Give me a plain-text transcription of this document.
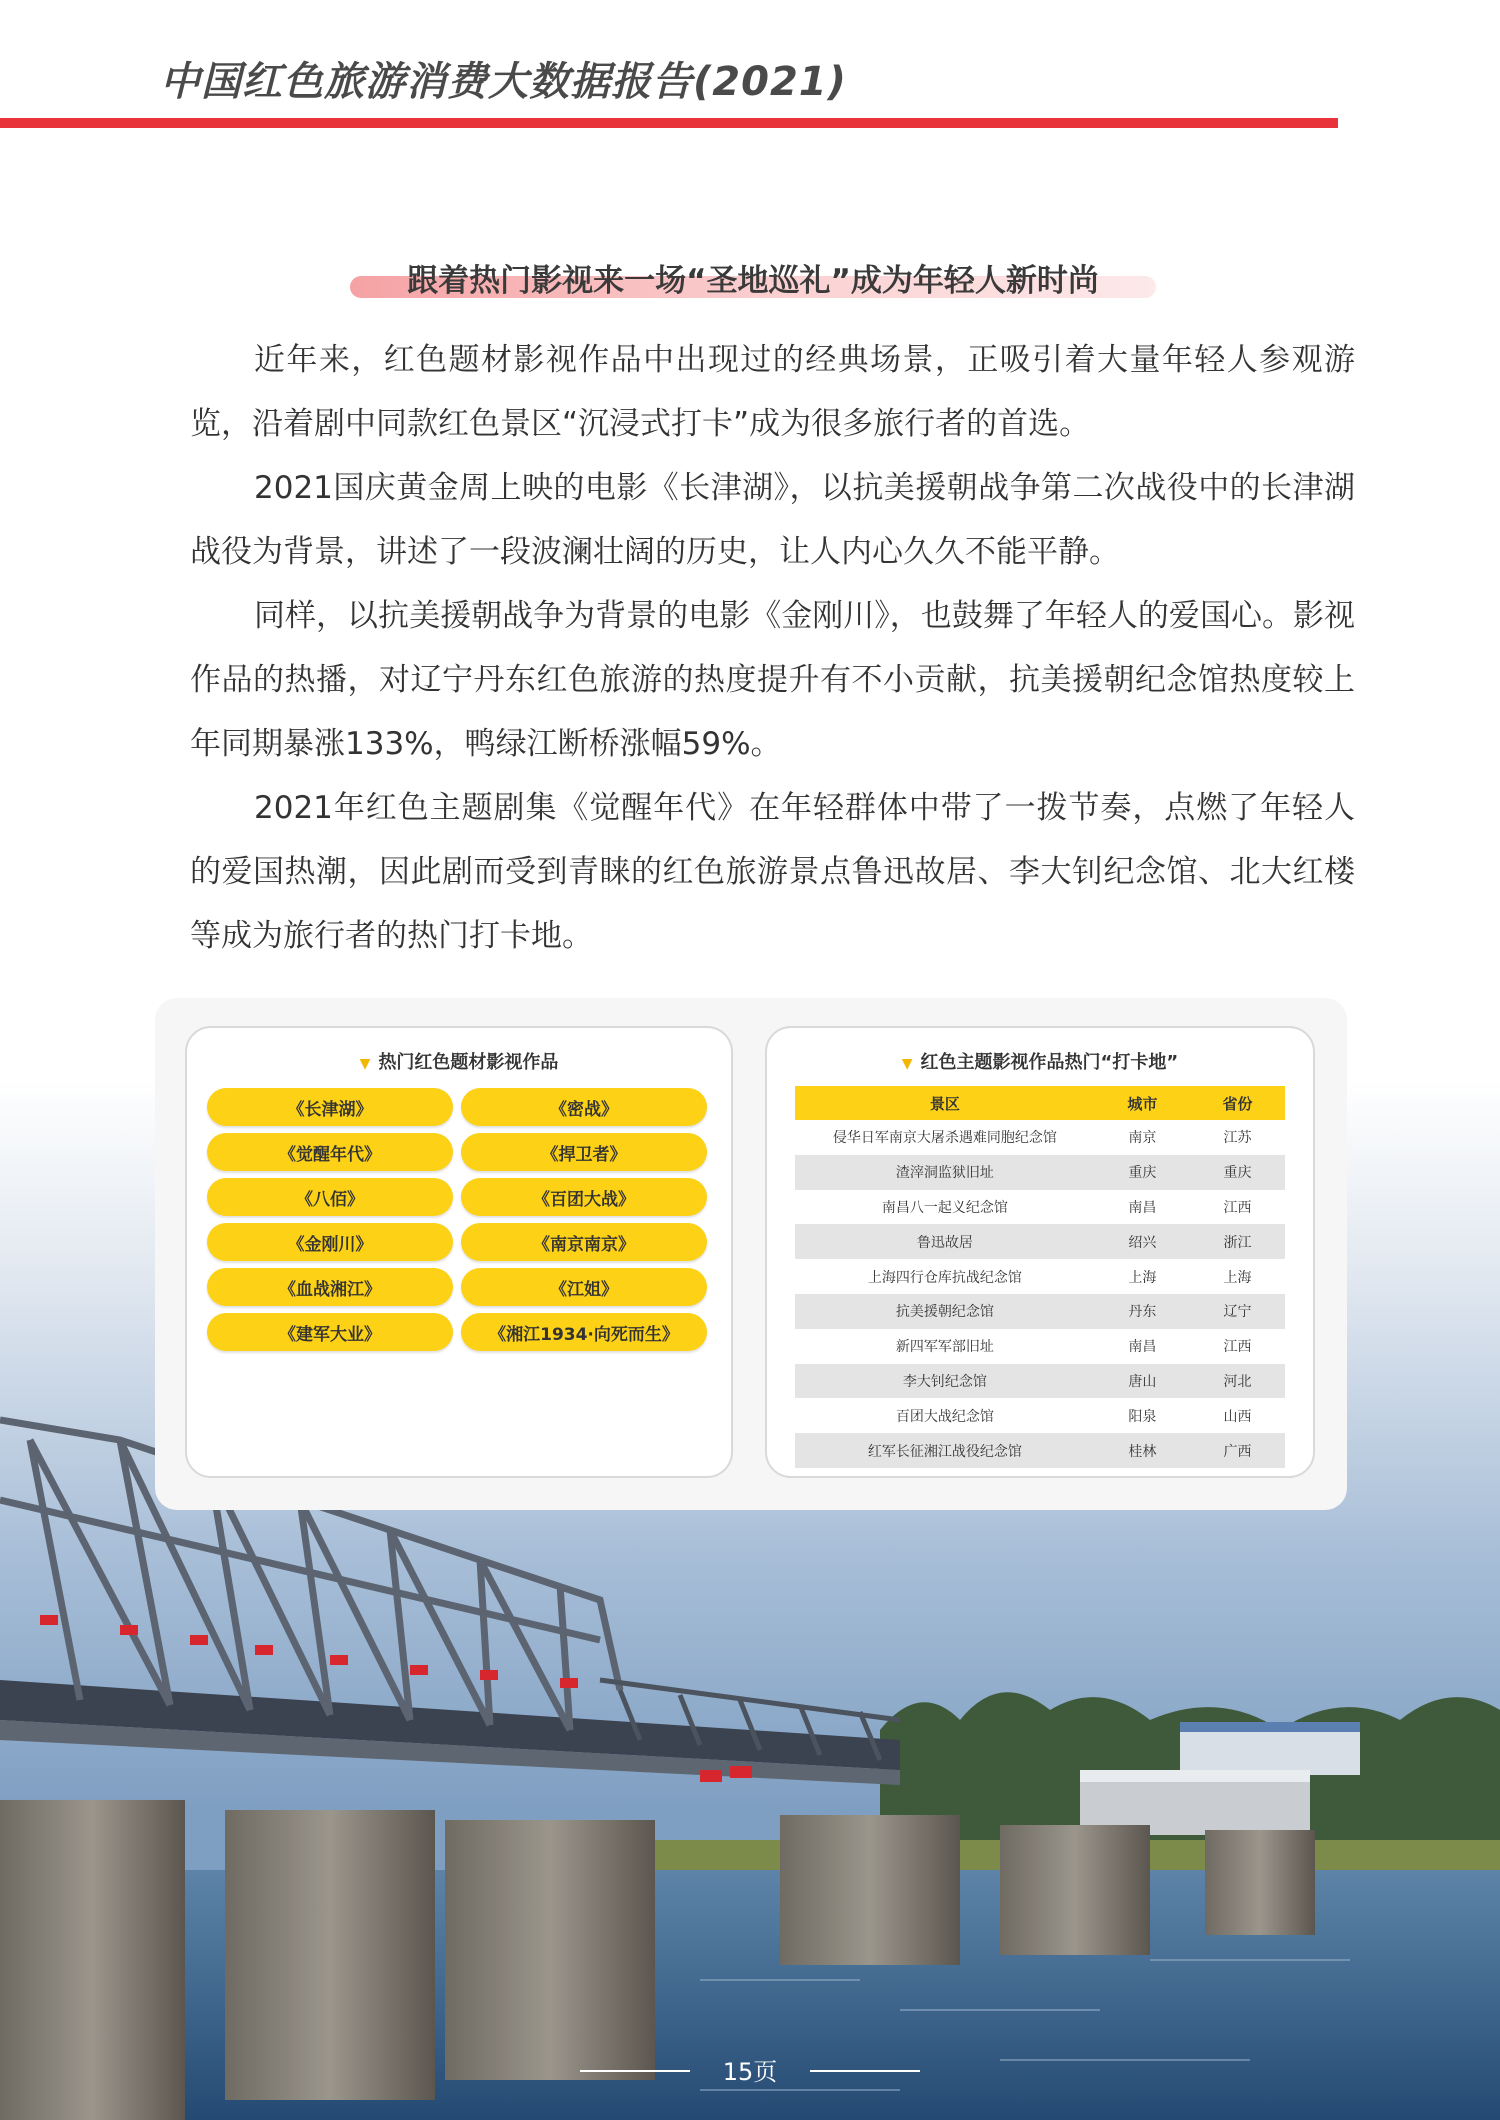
中国红色旅游消费大数据报告(2021)
跟着热门影视来一场“圣地巡礼”成为年轻人新时尚

近年来，红色题材影视作品中出现过的经典场景，正吸引着大量年轻人参观游览，沿着剧中同款红色景区“沉浸式打卡”成为很多旅行者的首选。

2021国庆黄金周上映的电影《长津湖》，以抗美援朝战争第二次战役中的长津湖战役为背景，讲述了一段波澜壮阔的历史，让人内心久久不能平静。

同样，以抗美援朝战争为背景的电影《金刚川》，也鼓舞了年轻人的爱国心。影视作品的热播，对辽宁丹东红色旅游的热度提升有不小贡献，抗美援朝纪念馆热度较上年同期暴涨133%，鸭绿江断桥涨幅59%。

2021年红色主题剧集《觉醒年代》在年轻群体中带了一拨节奏，点燃了年轻人的爱国热潮，因此剧而受到青睐的红色旅游景点鲁迅故居、李大钊纪念馆、北大红楼等成为旅行者的热门打卡地。

▼ 热门红色题材影视作品
《长津湖》	《密战》
《觉醒年代》	《捍卫者》
《八佰》	《百团大战》
《金刚川》	《南京南京》
《血战湘江》	《江姐》
《建军大业》	《湘江1934·向死而生》
▼ 红色主题影视作品热门“打卡地”
景区	城市	省份
侵华日军南京大屠杀遇难同胞纪念馆	南京	江苏
渣滓洞监狱旧址	重庆	重庆
南昌八一起义纪念馆	南昌	江西
鲁迅故居	绍兴	浙江
上海四行仓库抗战纪念馆	上海	上海
抗美援朝纪念馆	丹东	辽宁
新四军军部旧址	南昌	江西
李大钊纪念馆	唐山	河北
百团大战纪念馆	阳泉	山西
红军长征湘江战役纪念馆	桂林	广西
15页
